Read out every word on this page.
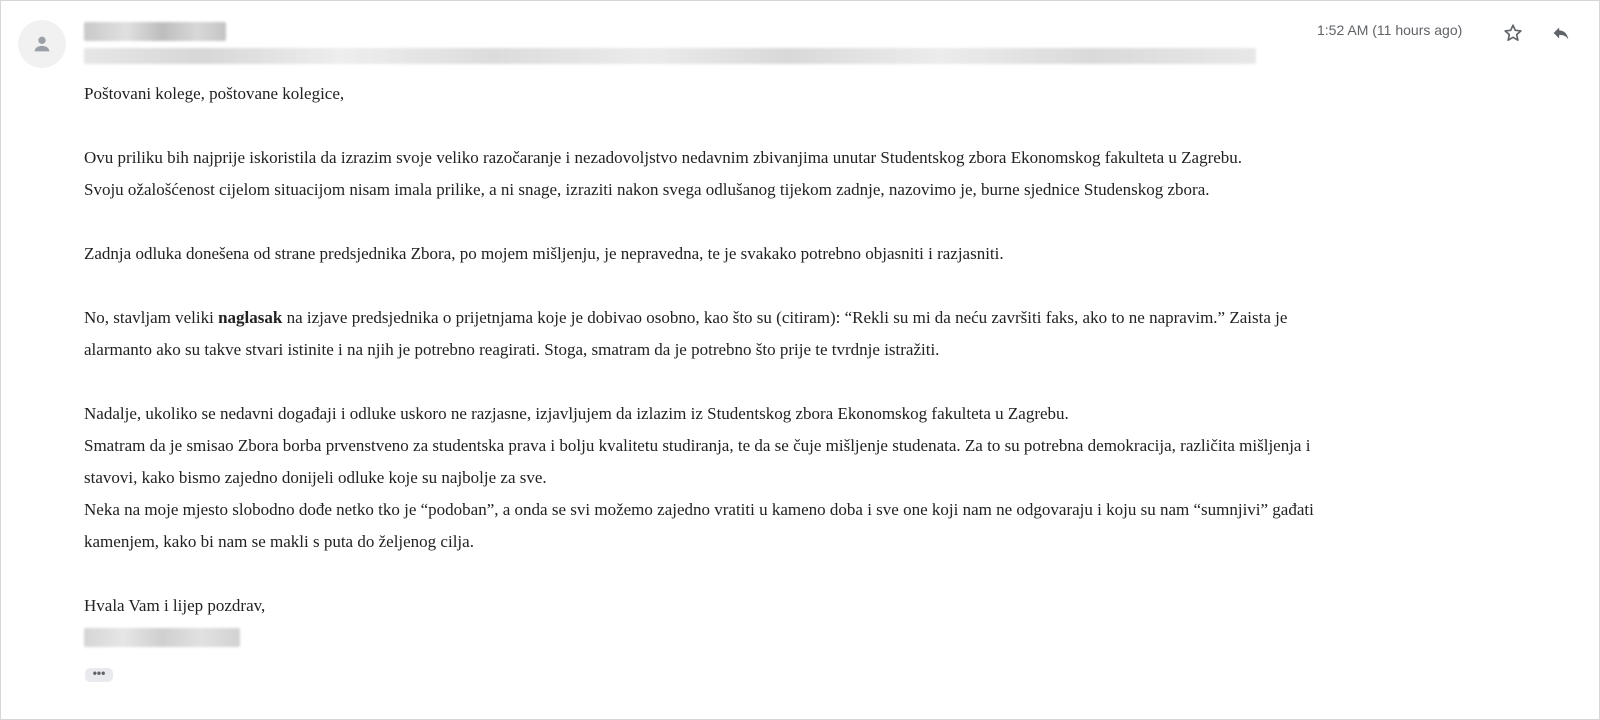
1:52 AM (11 hours ago)

Poštovani kolege, poštovane kolegice,

Ovu priliku bih najprije iskoristila da izrazim svoje veliko razočaranje i nezadovoljstvo nedavnim zbivanjima unutar Studentskog zbora Ekonomskog fakulteta u Zagrebu.

Svoju ožalošćenost cijelom situacijom nisam imala prilike, a ni snage, izraziti nakon svega odlušanog tijekom zadnje, nazovimo je, burne sjednice Studenskog zbora.

Zadnja odluka donešena od strane predsjednika Zbora, po mojem mišljenju, je nepravedna, te je svakako potrebno objasniti i razjasniti.

No, stavljam veliki naglasak na izjave predsjednika o prijetnjama koje je dobivao osobno, kao što su (citiram): “Rekli su mi da neću završiti faks, ako to ne napravim.” Zaista je

alarmanto ako su takve stvari istinite i na njih je potrebno reagirati. Stoga, smatram da je potrebno što prije te tvrdnje istražiti.

Nadalje, ukoliko se nedavni događaji i odluke uskoro ne razjasne, izjavljujem da izlazim iz Studentskog zbora Ekonomskog fakulteta u Zagrebu.

Smatram da je smisao Zbora borba prvenstveno za studentska prava i bolju kvalitetu studiranja, te da se čuje mišljenje studenata. Za to su potrebna demokracija, različita mišljenja i

stavovi, kako bismo zajedno donijeli odluke koje su najbolje za sve.

Neka na moje mjesto slobodno dođe netko tko je “podoban”, a onda se svi možemo zajedno vratiti u kameno doba i sve one koji nam ne odgovaraju i koju su nam “sumnjivi” gađati

kamenjem, kako bi nam se makli s puta do željenog cilja.

Hvala Vam i lijep pozdrav,

•••
